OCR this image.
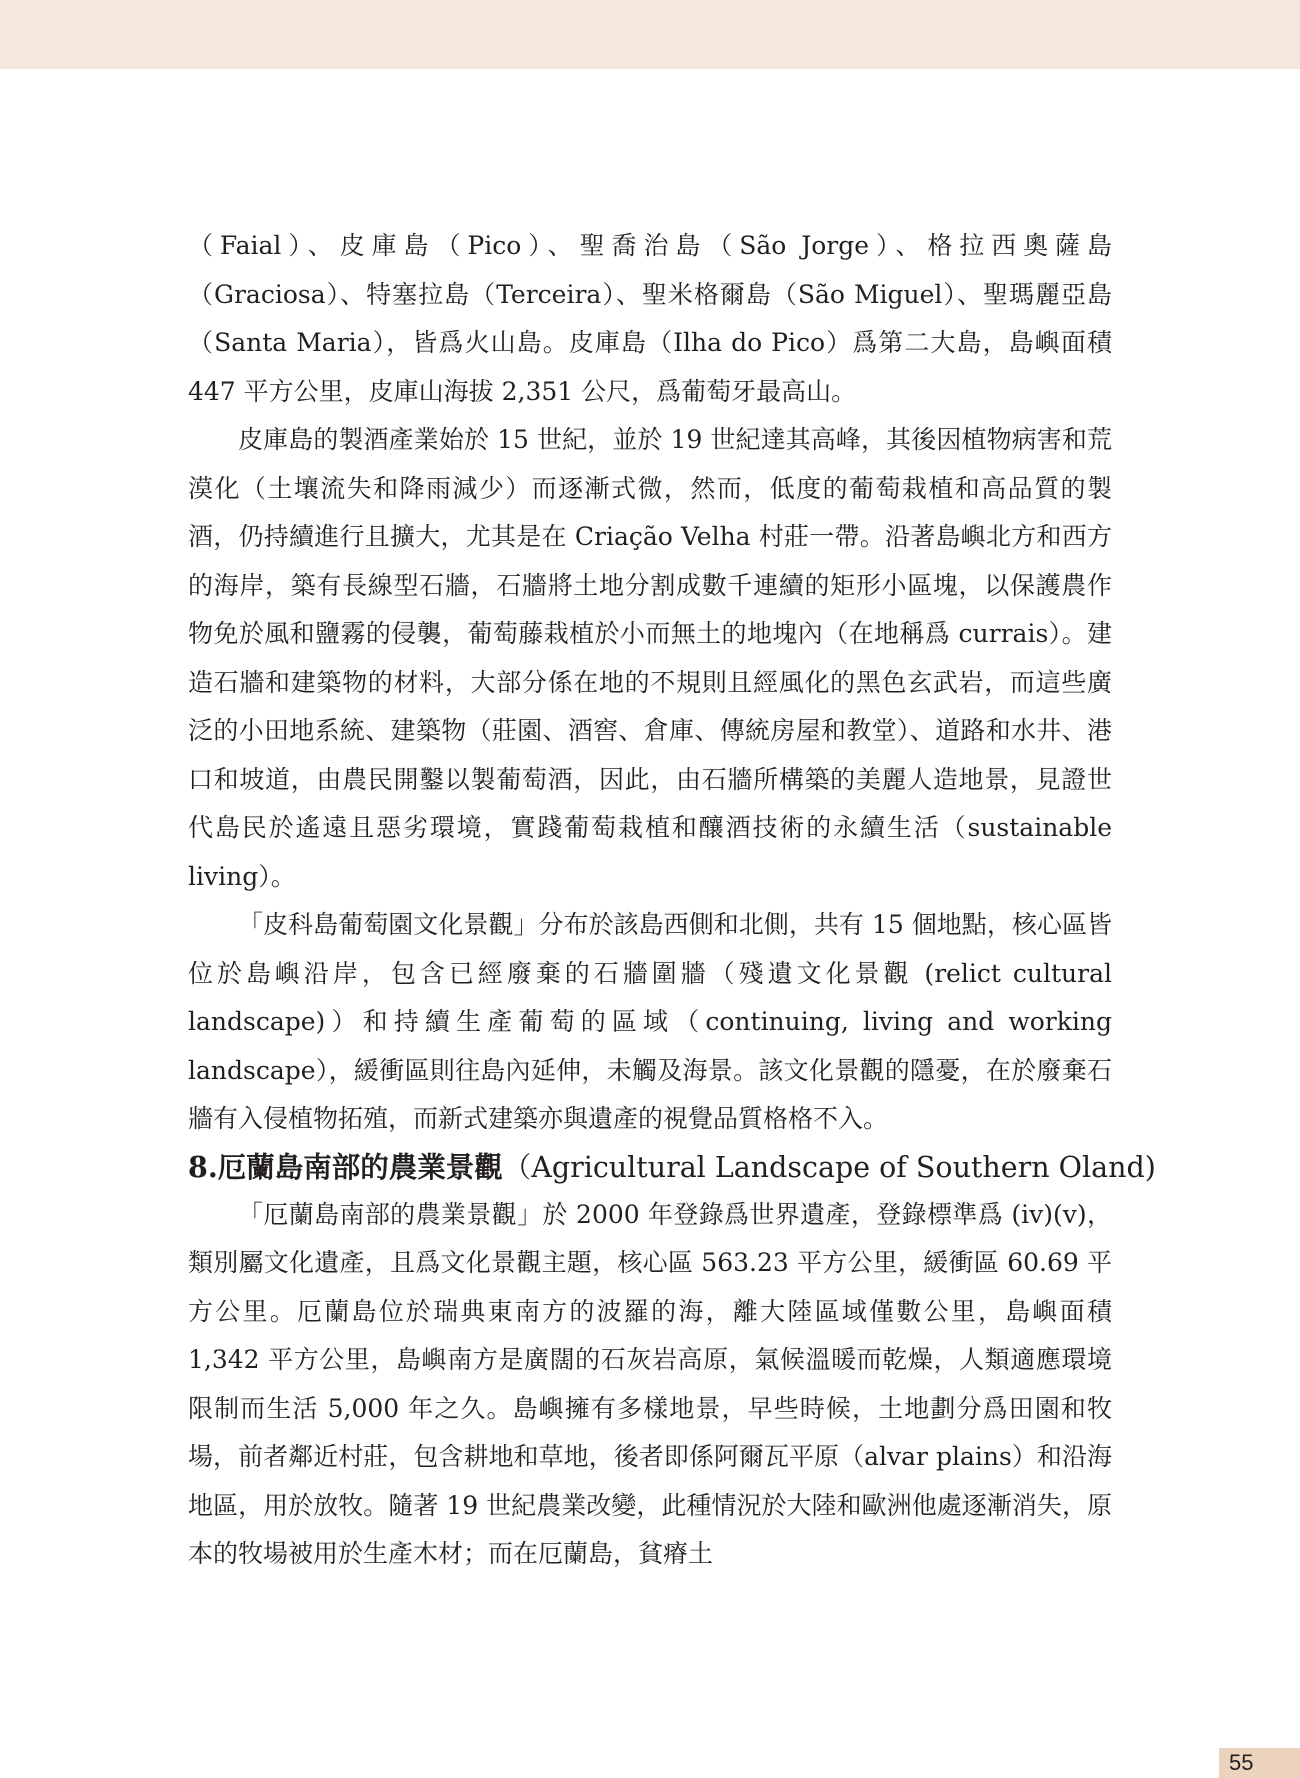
（Faial）、皮庫島（Pico）、聖喬治島（São Jorge）、格拉西奧薩島（Graciosa）、特塞拉島（Terceira）、聖米格爾島（São Miguel）、聖瑪麗亞島（Santa Maria），皆爲火山島。皮庫島（Ilha do Pico）爲第二大島，島嶼面積 447 平方公里，皮庫山海拔 2,351 公尺，爲葡萄牙最高山。

皮庫島的製酒產業始於 15 世紀，並於 19 世紀達其高峰，其後因植物病害和荒漠化（土壤流失和降雨減少）而逐漸式微，然而，低度的葡萄栽植和高品質的製酒，仍持續進行且擴大，尤其是在 Criação Velha 村莊一帶。沿著島嶼北方和西方的海岸，築有長線型石牆，石牆將土地分割成數千連續的矩形小區塊，以保護農作物免於風和鹽霧的侵襲，葡萄藤栽植於小而無土的地塊內（在地稱爲 currais）。建造石牆和建築物的材料，大部分係在地的不規則且經風化的黑色玄武岩，而這些廣泛的小田地系統、建築物（莊園、酒窖、倉庫、傳統房屋和教堂）、道路和水井、港口和坡道，由農民開鑿以製葡萄酒，因此，由石牆所構築的美麗人造地景，見證世代島民於遙遠且惡劣環境，實踐葡萄栽植和釀酒技術的永續生活（sustainable living）。

「皮科島葡萄園文化景觀」分布於該島西側和北側，共有 15 個地點，核心區皆位於島嶼沿岸，包含已經廢棄的石牆圍牆（殘遺文化景觀 (relict cultural landscape)）和持續生產葡萄的區域（continuing, living and working landscape），緩衝區則往島內延伸，未觸及海景。該文化景觀的隱憂，在於廢棄石牆有入侵植物拓殖，而新式建築亦與遺產的視覺品質格格不入。

8.厄蘭島南部的農業景觀（Agricultural Landscape of Southern Oland)

「厄蘭島南部的農業景觀」於 2000 年登錄爲世界遺產，登錄標準爲 (iv)(v)，類別屬文化遺產，且爲文化景觀主題，核心區 563.23 平方公里，緩衝區 60.69 平方公里。厄蘭島位於瑞典東南方的波羅的海，離大陸區域僅數公里，島嶼面積 1,342 平方公里，島嶼南方是廣闊的石灰岩高原，氣候溫暖而乾燥，人類適應環境限制而生活 5,000 年之久。島嶼擁有多樣地景，早些時候，土地劃分爲田園和牧場，前者鄰近村莊，包含耕地和草地，後者即係阿爾瓦平原（alvar plains）和沿海地區，用於放牧。隨著 19 世紀農業改變，此種情況於大陸和歐洲他處逐漸消失，原本的牧場被用於生產木材；而在厄蘭島，貧瘠土

55
